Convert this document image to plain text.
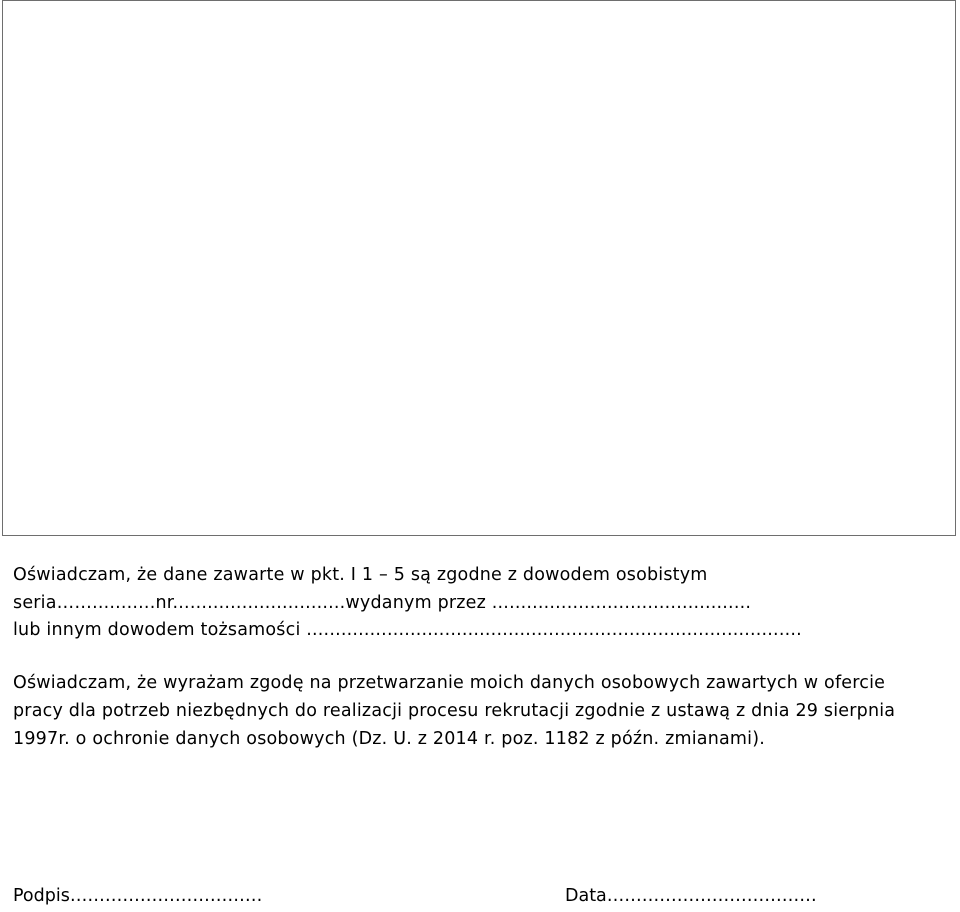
Oświadczam, że dane zawarte w pkt. I 1 – 5 są zgodne z dowodem osobistym
seria……...........nr..............................wydanym przez .............................................
lub innym dowodem tożsamości ......................................................................................
Oświadczam, że wyrażam zgodę na przetwarzanie moich danych osobowych zawartych w ofercie
pracy dla potrzeb niezbędnych do realizacji procesu rekrutacji zgodnie z ustawą z dnia 29 sierpnia
1997r. o ochronie danych osobowych (Dz. U. z 2014 r. poz. 1182 z późn. zmianami).
Podpis……………………………	Data………………………………
